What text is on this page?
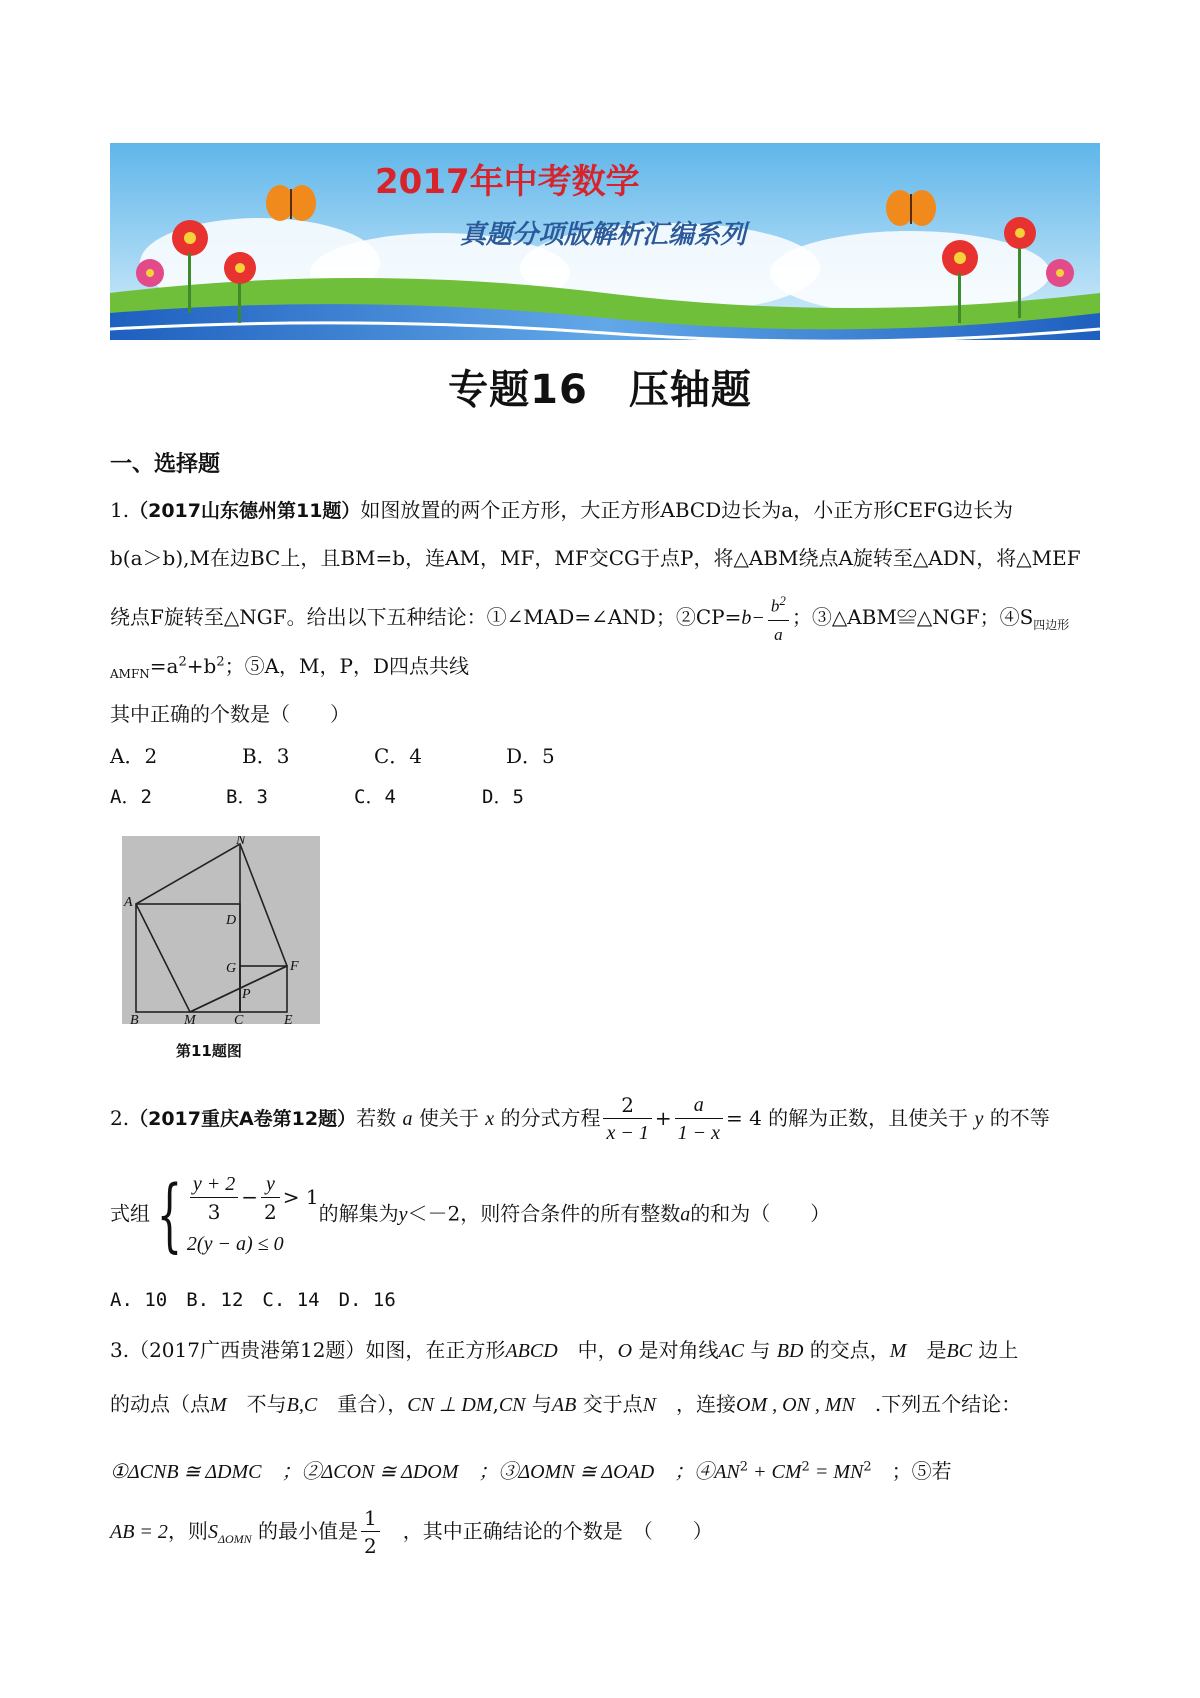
2017年中考数学
真题分项版解析汇编系列
专题16　压轴题
一、选择题
1.（2017山东德州第11题）如图放置的两个正方形，大正方形ABCD边长为a，小正方形CEFG边长为
b(a＞b),M在边BC上，且BM=b，连AM，MF，MF交CG于点P，将△ABM绕点A旋转至△ADN，将△MEF
绕点F旋转至△NGF。给出以下五种结论：①∠MAD=∠AND；②CP=b− $\frac{b^2}{a}$ ；③△ABM≌△NGF；$④S_{四边形}$
$_{AMFN}=a^2+b^2$；⑤A，M，P，D四点共线
其中正确的个数是（　　）
A．2	B．3	C．4	D．5
A．2	B．3	C．4	D．5
N
A
D
G	F
P
B	M	C	E
第11题图
2.（2017重庆A卷第12题）若数 a 使关于 x 的分式方程 $\frac{2}{x - 1} + \frac{a}{1 - x} = 4$ 的解为正数，且使关于 y 的不等
式组{ $\frac{y + 2}{3} - \frac{y}{2} > 1$
2(y − a) ≤ 0
的解集为y＜－2，则符合条件的所有整数a的和为（　　）
A. 10　B. 12　C. 14　D. 16
3.（2017广西贵港第12题）如图，在正方形ABCD　 中，O 是对角线AC 与 BD 的交点，M　 是BC 边上
的动点（点M　 不与B,C　 重合），CN ⊥ DM,CN 与AB 交于点N　 ，连接OM , ON , MN　 .下列五个结论：
①ΔCNB ≅ ΔDMC　；②ΔCON ≅ ΔDOM　；③ΔOMN ≅ ΔOAD　；$④AN^2 + CM^2 = MN^2$　 ；⑤若
AB = 2，则$S_{\Delta OMN}$ 的最小值是 $\frac{1}{2}$
　 ，其中正确结论的个数是　（　　）
